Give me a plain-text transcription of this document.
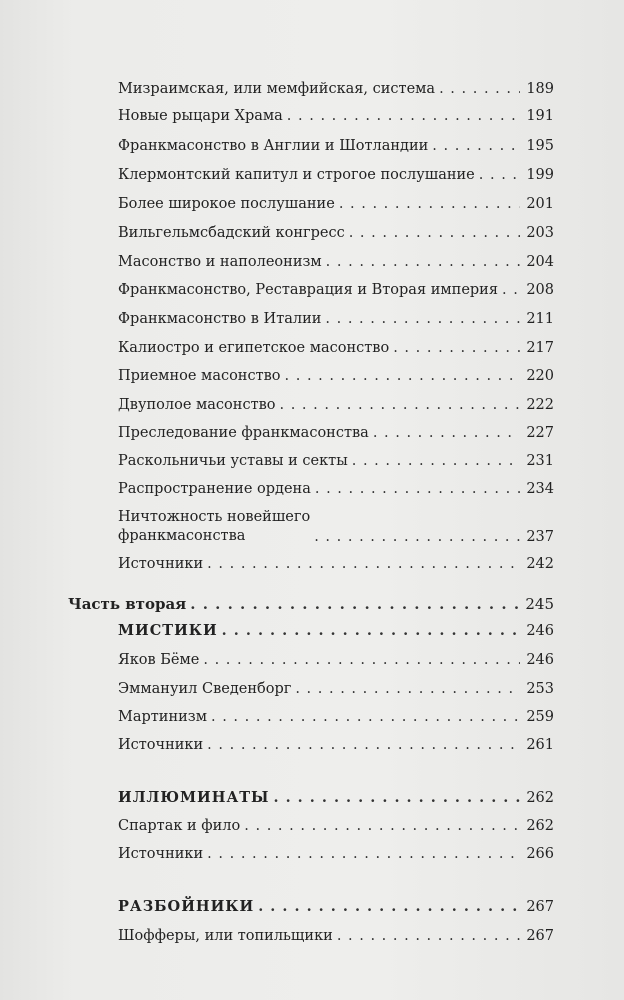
Мизраимская, или мемфийская, система . . .	189
Новые рыцари Храма . . .	191
Франкмасонство в Англии и Шотландии . . .	195
Клермонтский капитул и строгое послушание . . .	199
Более широкое послушание . . .	201
Вильгельмсбадский конгресс . . .	203
Масонство и наполеонизм . . .	204
Франкмасонство, Реставрация и Вторая империя . . . 208
Франкмасонство в Италии . . .	211
Калиостро и египетское масонство . . .	217
Приемное масонство . . .	220
Двуполое масонство . . .	222
Преследование франкмасонства . . .	227
Раскольничьи уставы и секты . . .	231
Распространение ордена . . .	234
Ничтожность новейшего
франкмасонства . . .	237
Источники . . .	242
Часть вторая . . .	245
МИСТИКИ . . .	246
Яков Бёме . . .	246
Эммануил Сведенборг . . .	253
Мартинизм . . .	259
Источники . . .	261
ИЛЛЮМИНАТЫ . . .	262
Спартак и фило . . .	262
Источники . . .	266
РАЗБОЙНИКИ . . .	267
Шофферы, или топильщики . . .	267
